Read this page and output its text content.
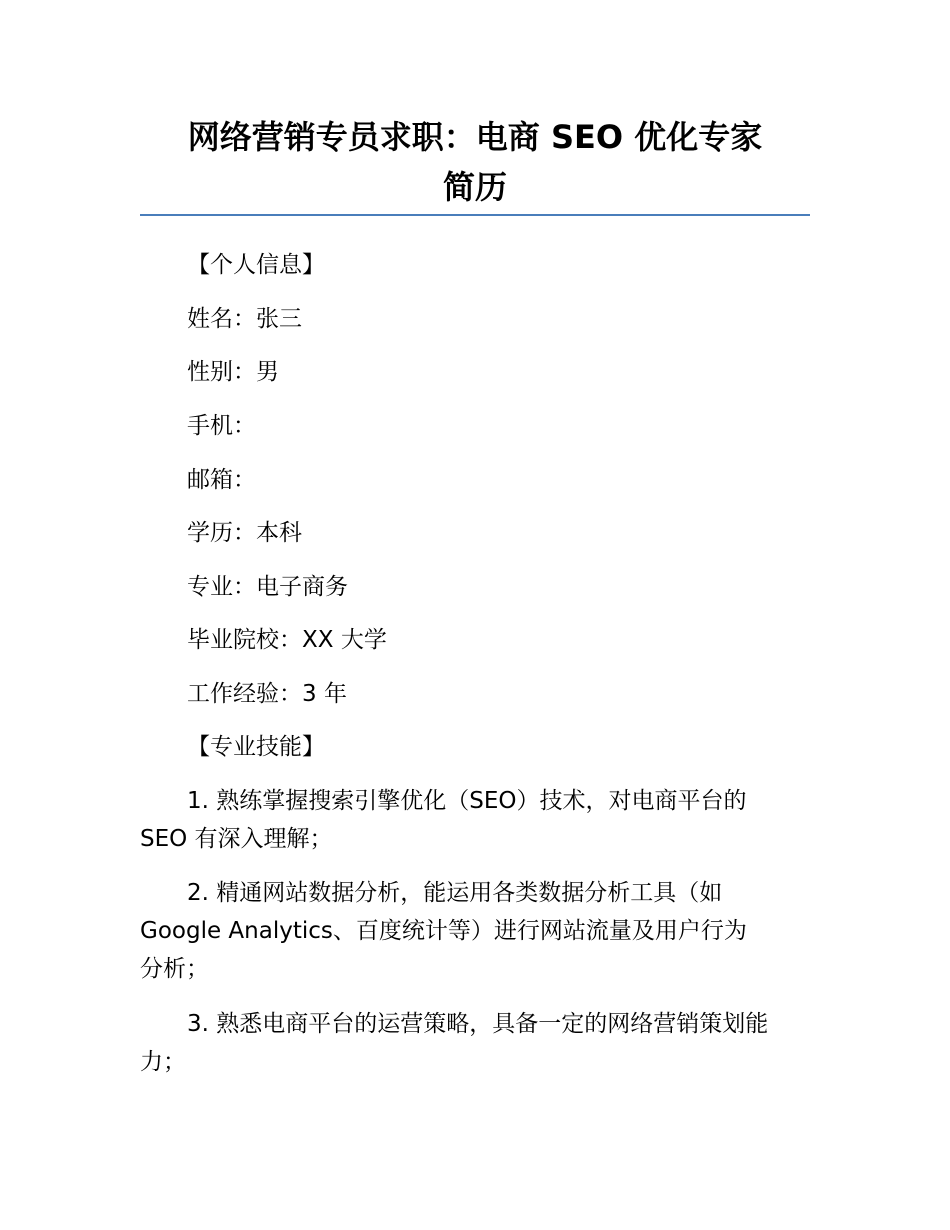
网络营销专员求职：电商 SEO 优化专家
简历

【个人信息】

姓名：张三

性别：男

手机：

邮箱：

学历：本科

专业：电子商务

毕业院校：XX 大学

工作经验：3 年

【专业技能】

1. 熟练掌握搜索引擎优化（SEO）技术，对电商平台的
SEO 有深入理解；
2. 精通网站数据分析，能运用各类数据分析工具（如
Google Analytics、百度统计等）进行网站流量及用户行为
分析；
3. 熟悉电商平台的运营策略，具备一定的网络营销策划能
力；
